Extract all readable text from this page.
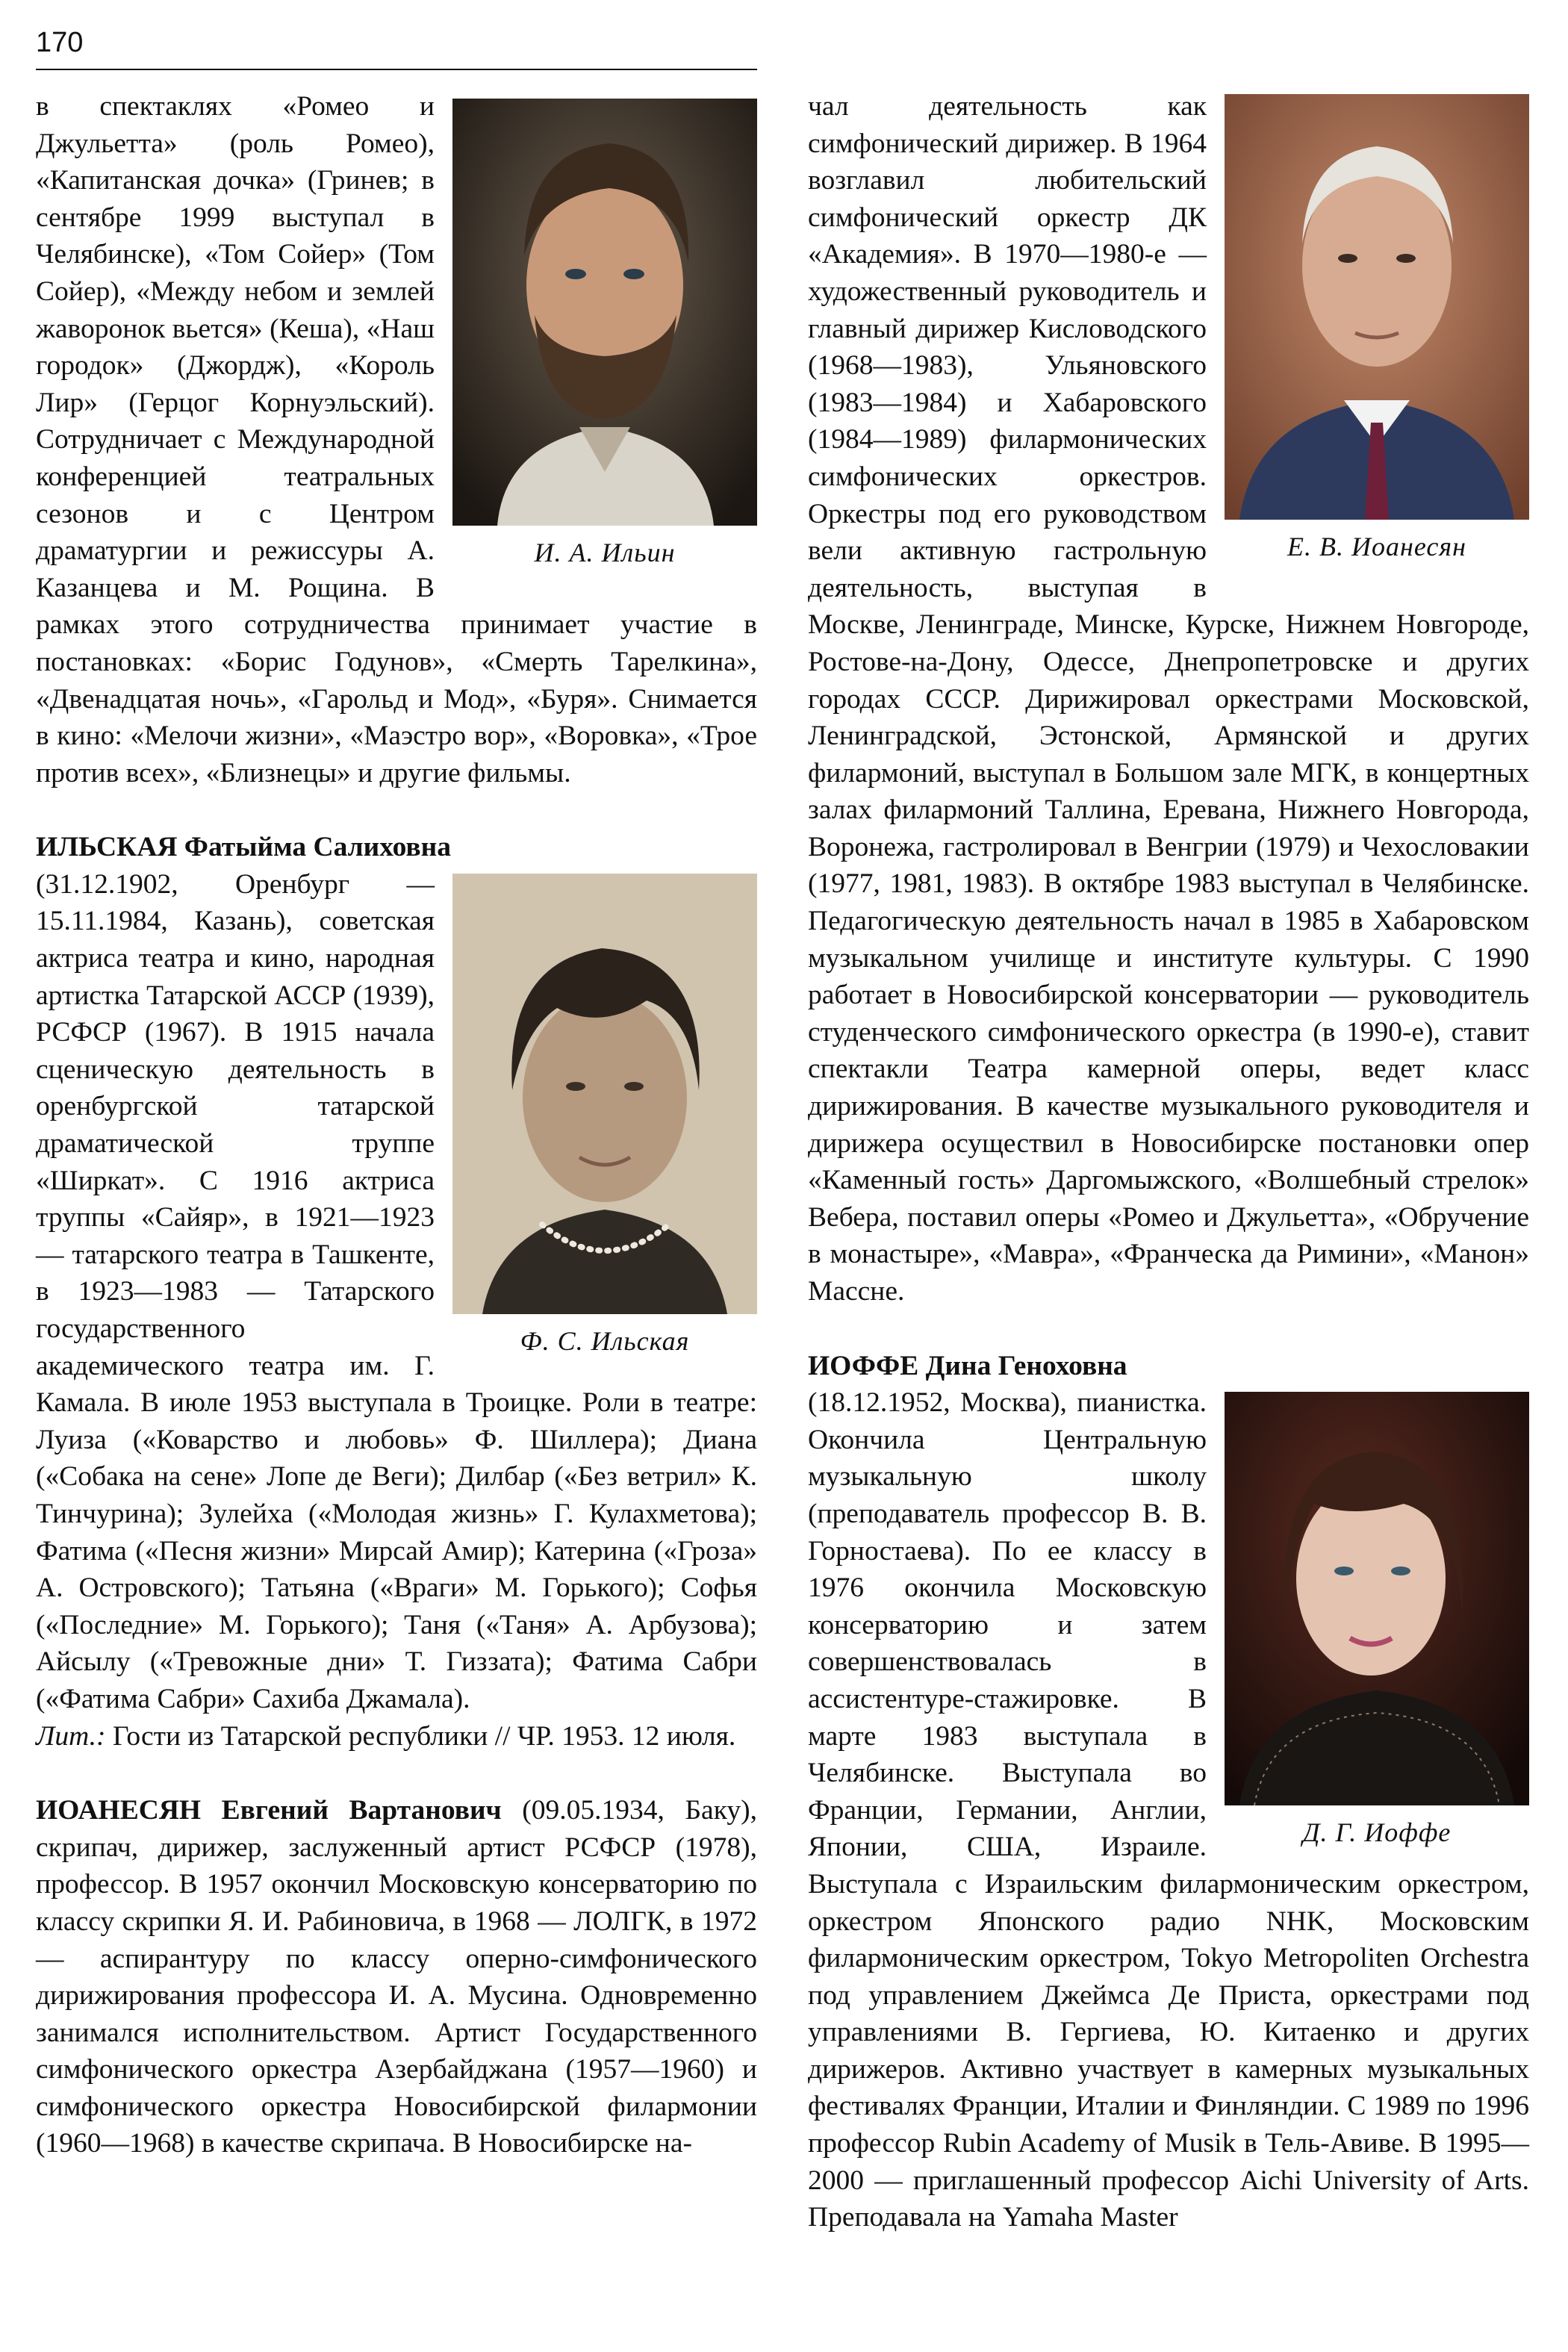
170
И. А. Ильин

в спектаклях «Ромео и Джульетта» (роль Ромео), «Капитанская дочка» (Гринев; в сентябре 1999 выступал в Челябинске), «Том Сойер» (Том Сойер), «Между небом и землей жаворонок вьется» (Кеша), «Наш городок» (Джордж), «Король Лир» (Герцог Корнуэльский). Сотрудничает с Международной конференцией театральных сезонов и с Центром драматургии и режиссуры А. Казанцева и М. Рощина. В рамках этого сотрудничества принимает участие в постановках: «Борис Годунов», «Смерть Тарелкина», «Двенадцатая ночь», «Гарольд и Мод», «Буря». Снимается в кино: «Мелочи жизни», «Маэстро вор», «Воровка», «Трое против всех», «Близнецы» и другие фильмы.

ИЛЬСКАЯ Фатыйма Салиховна

Ф. С. Ильская

(31.12.1902, Оренбург — 15.11.1984, Казань), советская актриса театра и кино, народная артистка Татарской АССР (1939), РСФСР (1967). В 1915 начала сценическую деятельность в оренбургской татарской драматической труппе «Ширкат». С 1916 актриса труппы «Сайяр», в 1921—1923 — татарского театра в Ташкенте, в 1923—1983 — Татарского государственного академического театра им. Г. Камала. В июле 1953 выступала в Троицке. Роли в театре: Луиза («Коварство и любовь» Ф. Шиллера); Диана («Собака на сене» Лопе де Веги); Дилбар («Без ветрил» К. Тинчурина); Зулейха («Молодая жизнь» Г. Кулахметова); Фатима («Песня жизни» Мирсай Амир); Катерина («Гроза» А. Островского); Татьяна («Враги» М. Горького); Софья («Последние» М. Горького); Таня («Таня» А. Арбузова); Айсылу («Тревожные дни» Т. Гиззата); Фатима Сабри («Фатима Сабри» Сахиба Джамала).

Лит.: Гости из Татарской республики // ЧР. 1953. 12 июля.

ИОАНЕСЯН Евгений Вартанович (09.05.1934, Баку), скрипач, дирижер, заслуженный артист РСФСР (1978), профессор. В 1957 окончил Московскую консерваторию по классу скрипки Я. И. Рабиновича, в 1968 — ЛОЛГК, в 1972 — аспирантуру по классу оперно-симфонического дирижирования профессора И. А. Мусина. Одновременно занимался исполнительством. Артист Государственного симфонического оркестра Азербайджана (1957—1960) и симфонического оркестра Новосибирской филармонии (1960—1968) в качестве скрипача. В Новосибирске на-

Е. В. Иоанесян

чал деятельность как симфонический дирижер. В 1964 возглавил любительский симфонический оркестр ДК «Академия». В 1970—1980-е — художественный руководитель и главный дирижер Кисловодского (1968—1983), Ульяновского (1983—1984) и Хабаровского (1984—1989) филармонических симфонических оркестров. Оркестры под его руководством вели активную гастрольную деятельность, выступая в Москве, Ленинграде, Минске, Курске, Нижнем Новгороде, Ростове-на-Дону, Одессе, Днепропетровске и других городах СССР. Дирижировал оркестрами Московской, Ленинградской, Эстонской, Армянской и других филармоний, выступал в Большом зале МГК, в концертных залах филармоний Таллина, Еревана, Нижнего Новгорода, Воронежа, гастролировал в Венгрии (1979) и Чехословакии (1977, 1981, 1983). В октябре 1983 выступал в Челябинске. Педагогическую деятельность начал в 1985 в Хабаровском музыкальном училище и институте культуры. С 1990 работает в Новосибирской консерватории — руководитель студенческого симфонического оркестра (в 1990-е), ставит спектакли Театра камерной оперы, ведет класс дирижирования. В качестве музыкального руководителя и дирижера осуществил в Новосибирске постановки опер «Каменный гость» Даргомыжского, «Волшебный стрелок» Вебера, поставил оперы «Ромео и Джульетта», «Обручение в монастыре», «Мавра», «Франческа да Римини», «Манон» Массне.

ИОФФЕ Дина Геноховна

Д. Г. Иоффе

(18.12.1952, Москва), пианистка. Окончила Центральную музыкальную школу (преподаватель профессор В. В. Горностаева). По ее классу в 1976 окончила Московскую консерваторию и затем совершенствовалась в ассистентуре-стажировке. В марте 1983 выступала в Челябинске. Выступала во Франции, Германии, Англии, Японии, США, Израиле. Выступала с Израильским филармоническим оркестром, оркестром Японского радио NHK, Московским филармоническим оркестром, Tokyo Metropoliten Orchestra под управлением Джеймса Де Приста, оркестрами под управлениями В. Гергиева, Ю. Китаенко и других дирижеров. Активно участвует в камерных музыкальных фестивалях Франции, Италии и Финляндии. С 1989 по 1996 профессор Rubin Academy of Musik в Тель-Авиве. В 1995—2000 — приглашенный профессор Aichi University of Arts. Преподавала на Yamaha Master
